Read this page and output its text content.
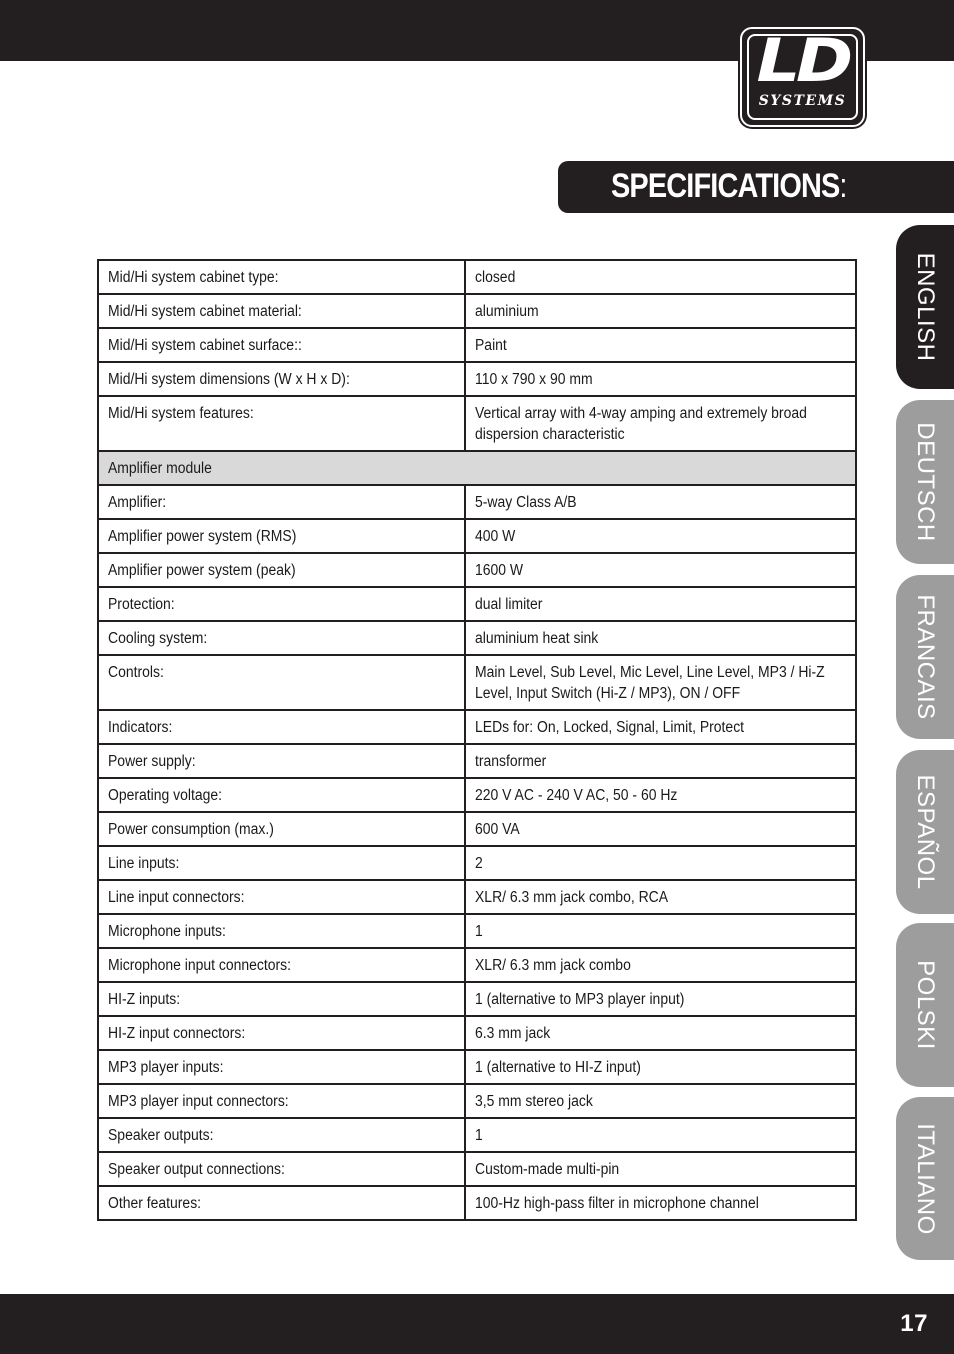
LD
SYSTEMS
SPECIFICATIONS:
Mid/Hi system cabinet type:	closed
Mid/Hi system cabinet material:	aluminium
Mid/Hi system cabinet surface::	Paint
Mid/Hi system dimensions (W x H x D):	110 x 790 x 90 mm
Mid/Hi system features:	Vertical array with 4-way amping and extremely broad dispersion characteristic

Amplifier module	
Amplifier:	5-way Class A/B
Amplifier power system (RMS)	400 W
Amplifier power system (peak)	1600 W
Protection:	dual limiter
Cooling system:	aluminium heat sink
Controls:	Main Level, Sub Level, Mic Level, Line Level, MP3 / Hi-Z Level, Input Switch (Hi-Z / MP3), ON / OFF

Indicators:	LEDs for: On, Locked, Signal, Limit, Protect
Power supply:	transformer
Operating voltage:	220 V AC - 240 V AC, 50 - 60 Hz
Power consumption (max.)	600 VA
Line inputs:	2
Line input connectors:	XLR/ 6.3 mm jack combo, RCA
Microphone inputs:	1
Microphone input connectors:	XLR/ 6.3 mm jack combo
HI-Z inputs:	1 (alternative to MP3 player input)
HI-Z input connectors:	6.3 mm jack
MP3 player inputs:	1 (alternative to HI-Z input)
MP3 player input connectors:	3,5 mm stereo jack
Speaker outputs:	1
Speaker output connections:	Custom-made multi-pin
Other features:	100-Hz high-pass filter in microphone channel
ENGLISH
DEUTSCH
FRANCAIS
ESPAÑOL
POLSKI
ITALIANO
17
